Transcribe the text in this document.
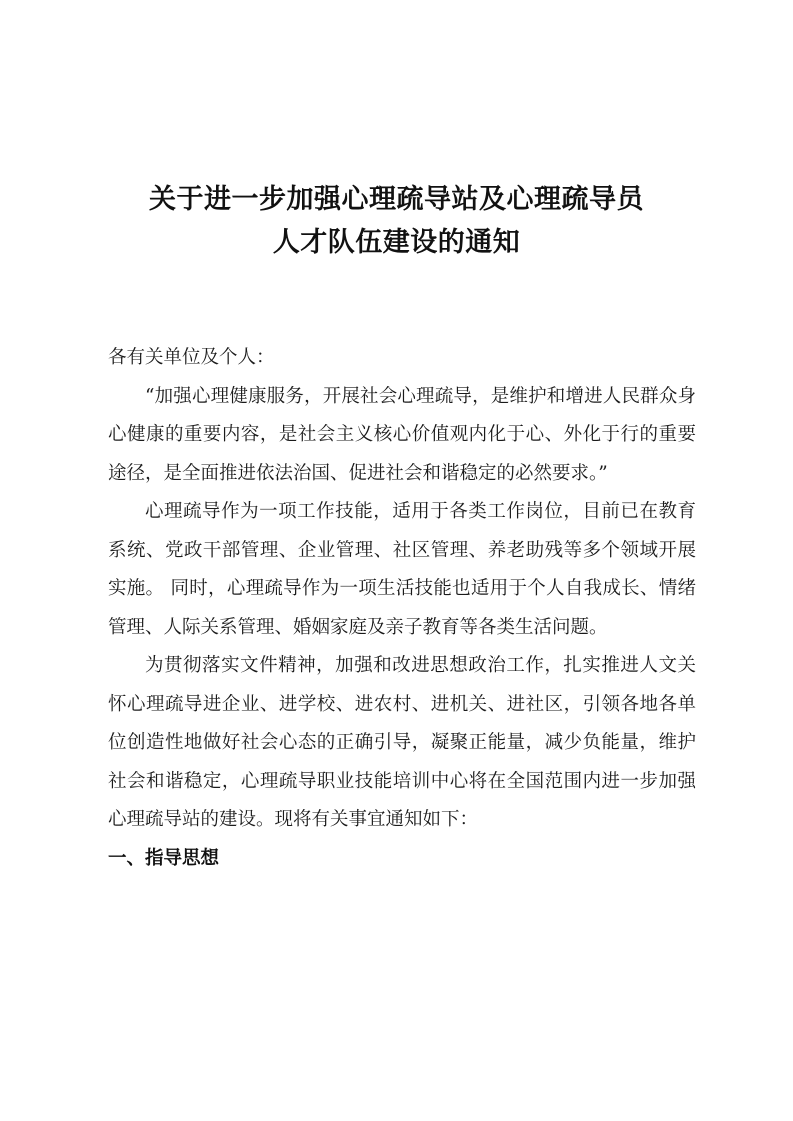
关于进一步加强心理疏导站及心理疏导员
人才队伍建设的通知

各有关单位及个人：

“加强心理健康服务，开展社会心理疏导，是维护和增进人民群众身心健康的重要内容，是社会主义核心价值观内化于心、外化于行的重要途径，是全面推进依法治国、促进社会和谐稳定的必然要求。”

心理疏导作为一项工作技能，适用于各类工作岗位，目前已在教育系统、党政干部管理、企业管理、社区管理、养老助残等多个领域开展实施。 同时，心理疏导作为一项生活技能也适用于个人自我成长、情绪管理、人际关系管理、婚姻家庭及亲子教育等各类生活问题。

为贯彻落实文件精神，加强和改进思想政治工作，扎实推进人文关怀心理疏导进企业、进学校、进农村、进机关、进社区，引领各地各单位创造性地做好社会心态的正确引导，凝聚正能量，减少负能量，维护社会和谐稳定，心理疏导职业技能培训中心将在全国范围内进一步加强心理疏导站的建设。现将有关事宜通知如下：

一、指导思想
